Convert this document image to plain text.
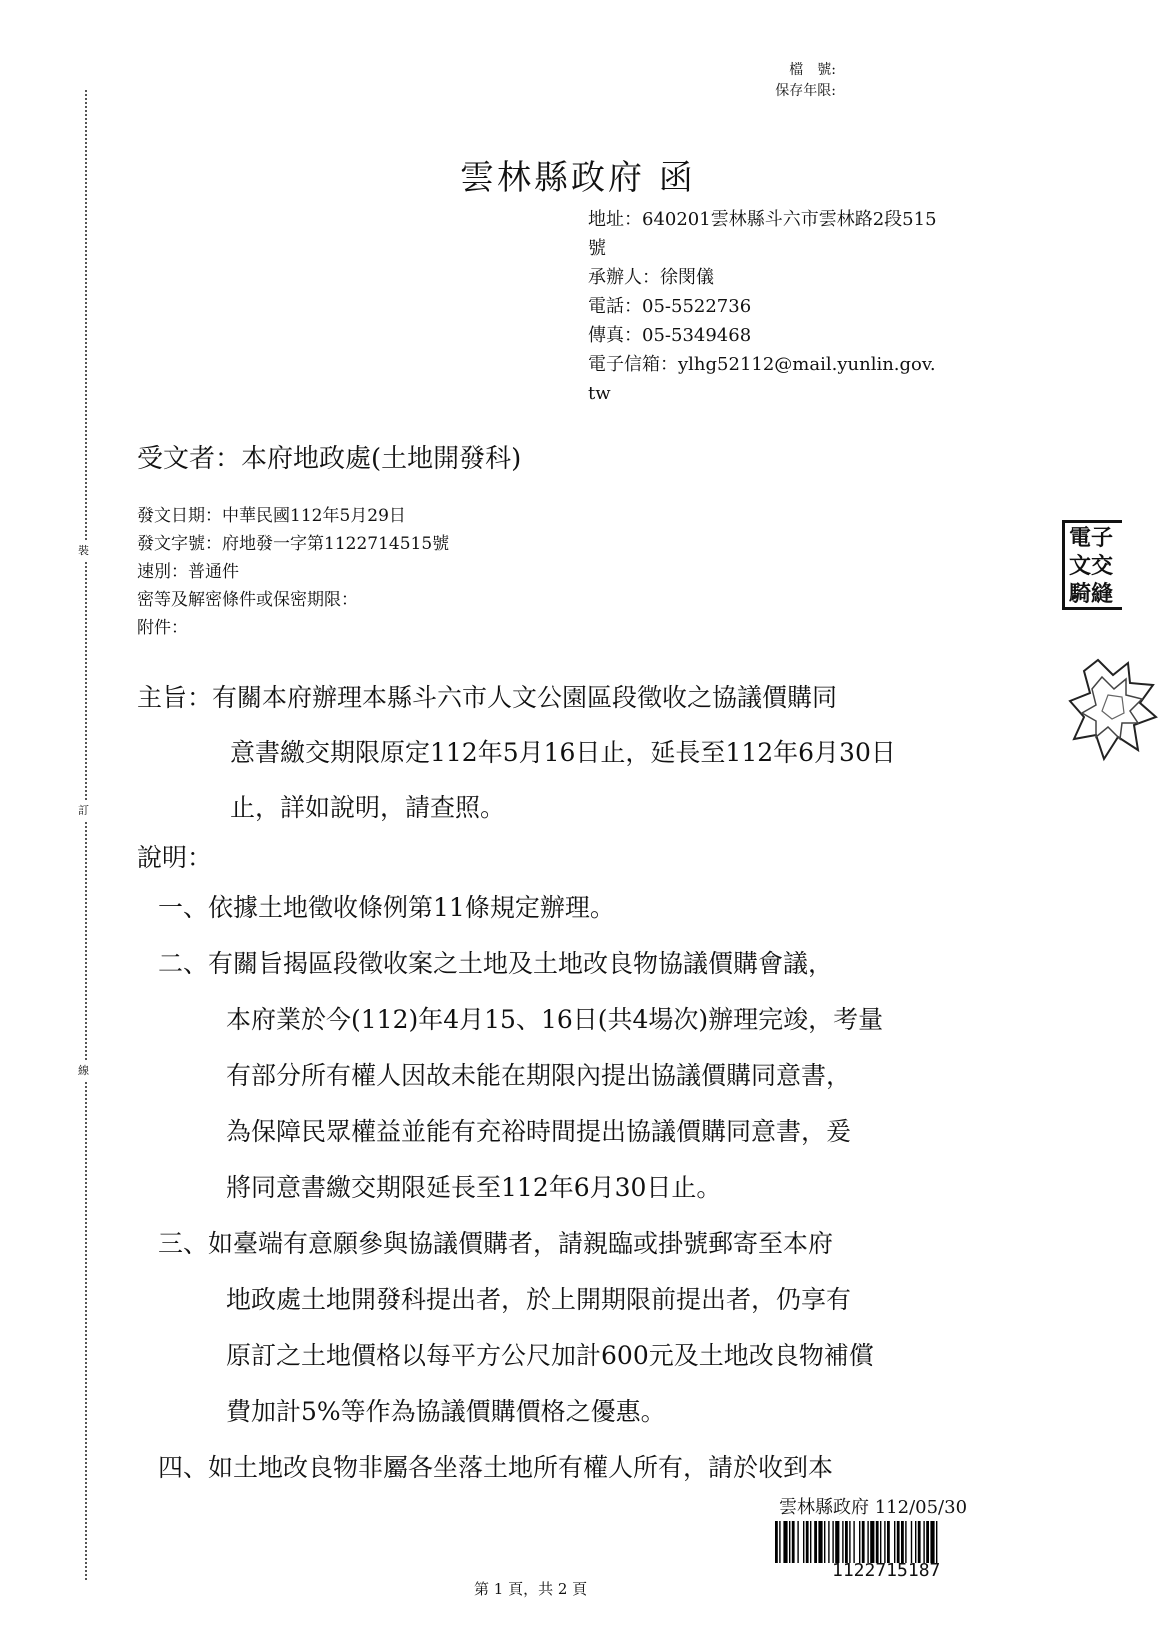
裝
訂
線
檔　號:
保存年限:
雲林縣政府 函
地址：640201雲林縣斗六市雲林路2段515
號
承辦人：徐閔儀
電話：05-5522736
傳真：05-5349468
電子信箱：ylhg52112@mail.yunlin.gov.
tw
受文者：本府地政處(土地開發科)
發文日期：中華民國112年5月29日
發文字號：府地發一字第1122714515號
速別：普通件
密等及解密條件或保密期限：
附件：
主旨：有關本府辦理本縣斗六市人文公園區段徵收之協議價購同
意書繳交期限原定112年5月16日止，延長至112年6月30日
止，詳如說明，請查照。
說明：
一、依據土地徵收條例第11條規定辦理。
二、有關旨揭區段徵收案之土地及土地改良物協議價購會議，
本府業於今(112)年4月15、16日(共4場次)辦理完竣，考量
有部分所有權人因故未能在期限內提出協議價購同意書，
為保障民眾權益並能有充裕時間提出協議價購同意書，爰
將同意書繳交期限延長至112年6月30日止。
三、如臺端有意願參與協議價購者，請親臨或掛號郵寄至本府
地政處土地開發科提出者，於上開期限前提出者，仍享有
原訂之土地價格以每平方公尺加計600元及土地改良物補償
費加計5%等作為協議價購價格之優惠。
四、如土地改良物非屬各坐落土地所有權人所有，請於收到本
電子
文交
騎縫
雲林縣政府 112/05/30
1122715187
第 1 頁，共 2 頁
